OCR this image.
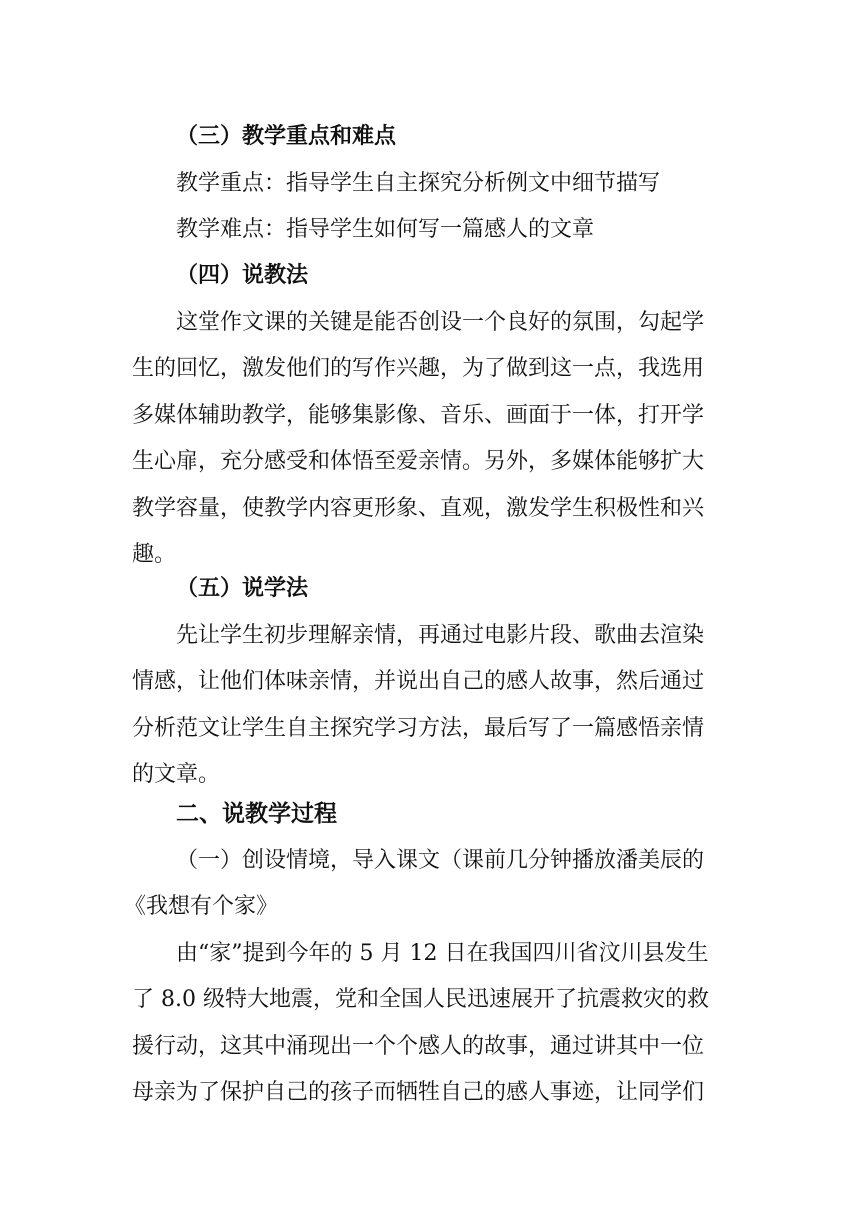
（三）教学重点和难点
教学重点：指导学生自主探究分析例文中细节描写
教学难点：指导学生如何写一篇感人的文章
（四）说教法
这堂作文课的关键是能否创设一个良好的氛围，勾起学
生的回忆，激发他们的写作兴趣，为了做到这一点，我选用
多媒体辅助教学，能够集影像、音乐、画面于一体，打开学
生心扉，充分感受和体悟至爱亲情。另外，多媒体能够扩大
教学容量，使教学内容更形象、直观，激发学生积极性和兴
趣。
（五）说学法
先让学生初步理解亲情，再通过电影片段、歌曲去渲染
情感，让他们体味亲情，并说出自己的感人故事，然后通过
分析范文让学生自主探究学习方法，最后写了一篇感悟亲情
的文章。
二、说教学过程
（一）创设情境，导入课文（课前几分钟播放潘美辰的
《我想有个家》
由“家”提到今年的 5 月 12 日在我国四川省汶川县发生
了 8.0 级特大地震，党和全国人民迅速展开了抗震救灾的救
援行动，这其中涌现出一个个感人的故事，通过讲其中一位
母亲为了保护自己的孩子而牺牲自己的感人事迹，让同学们
